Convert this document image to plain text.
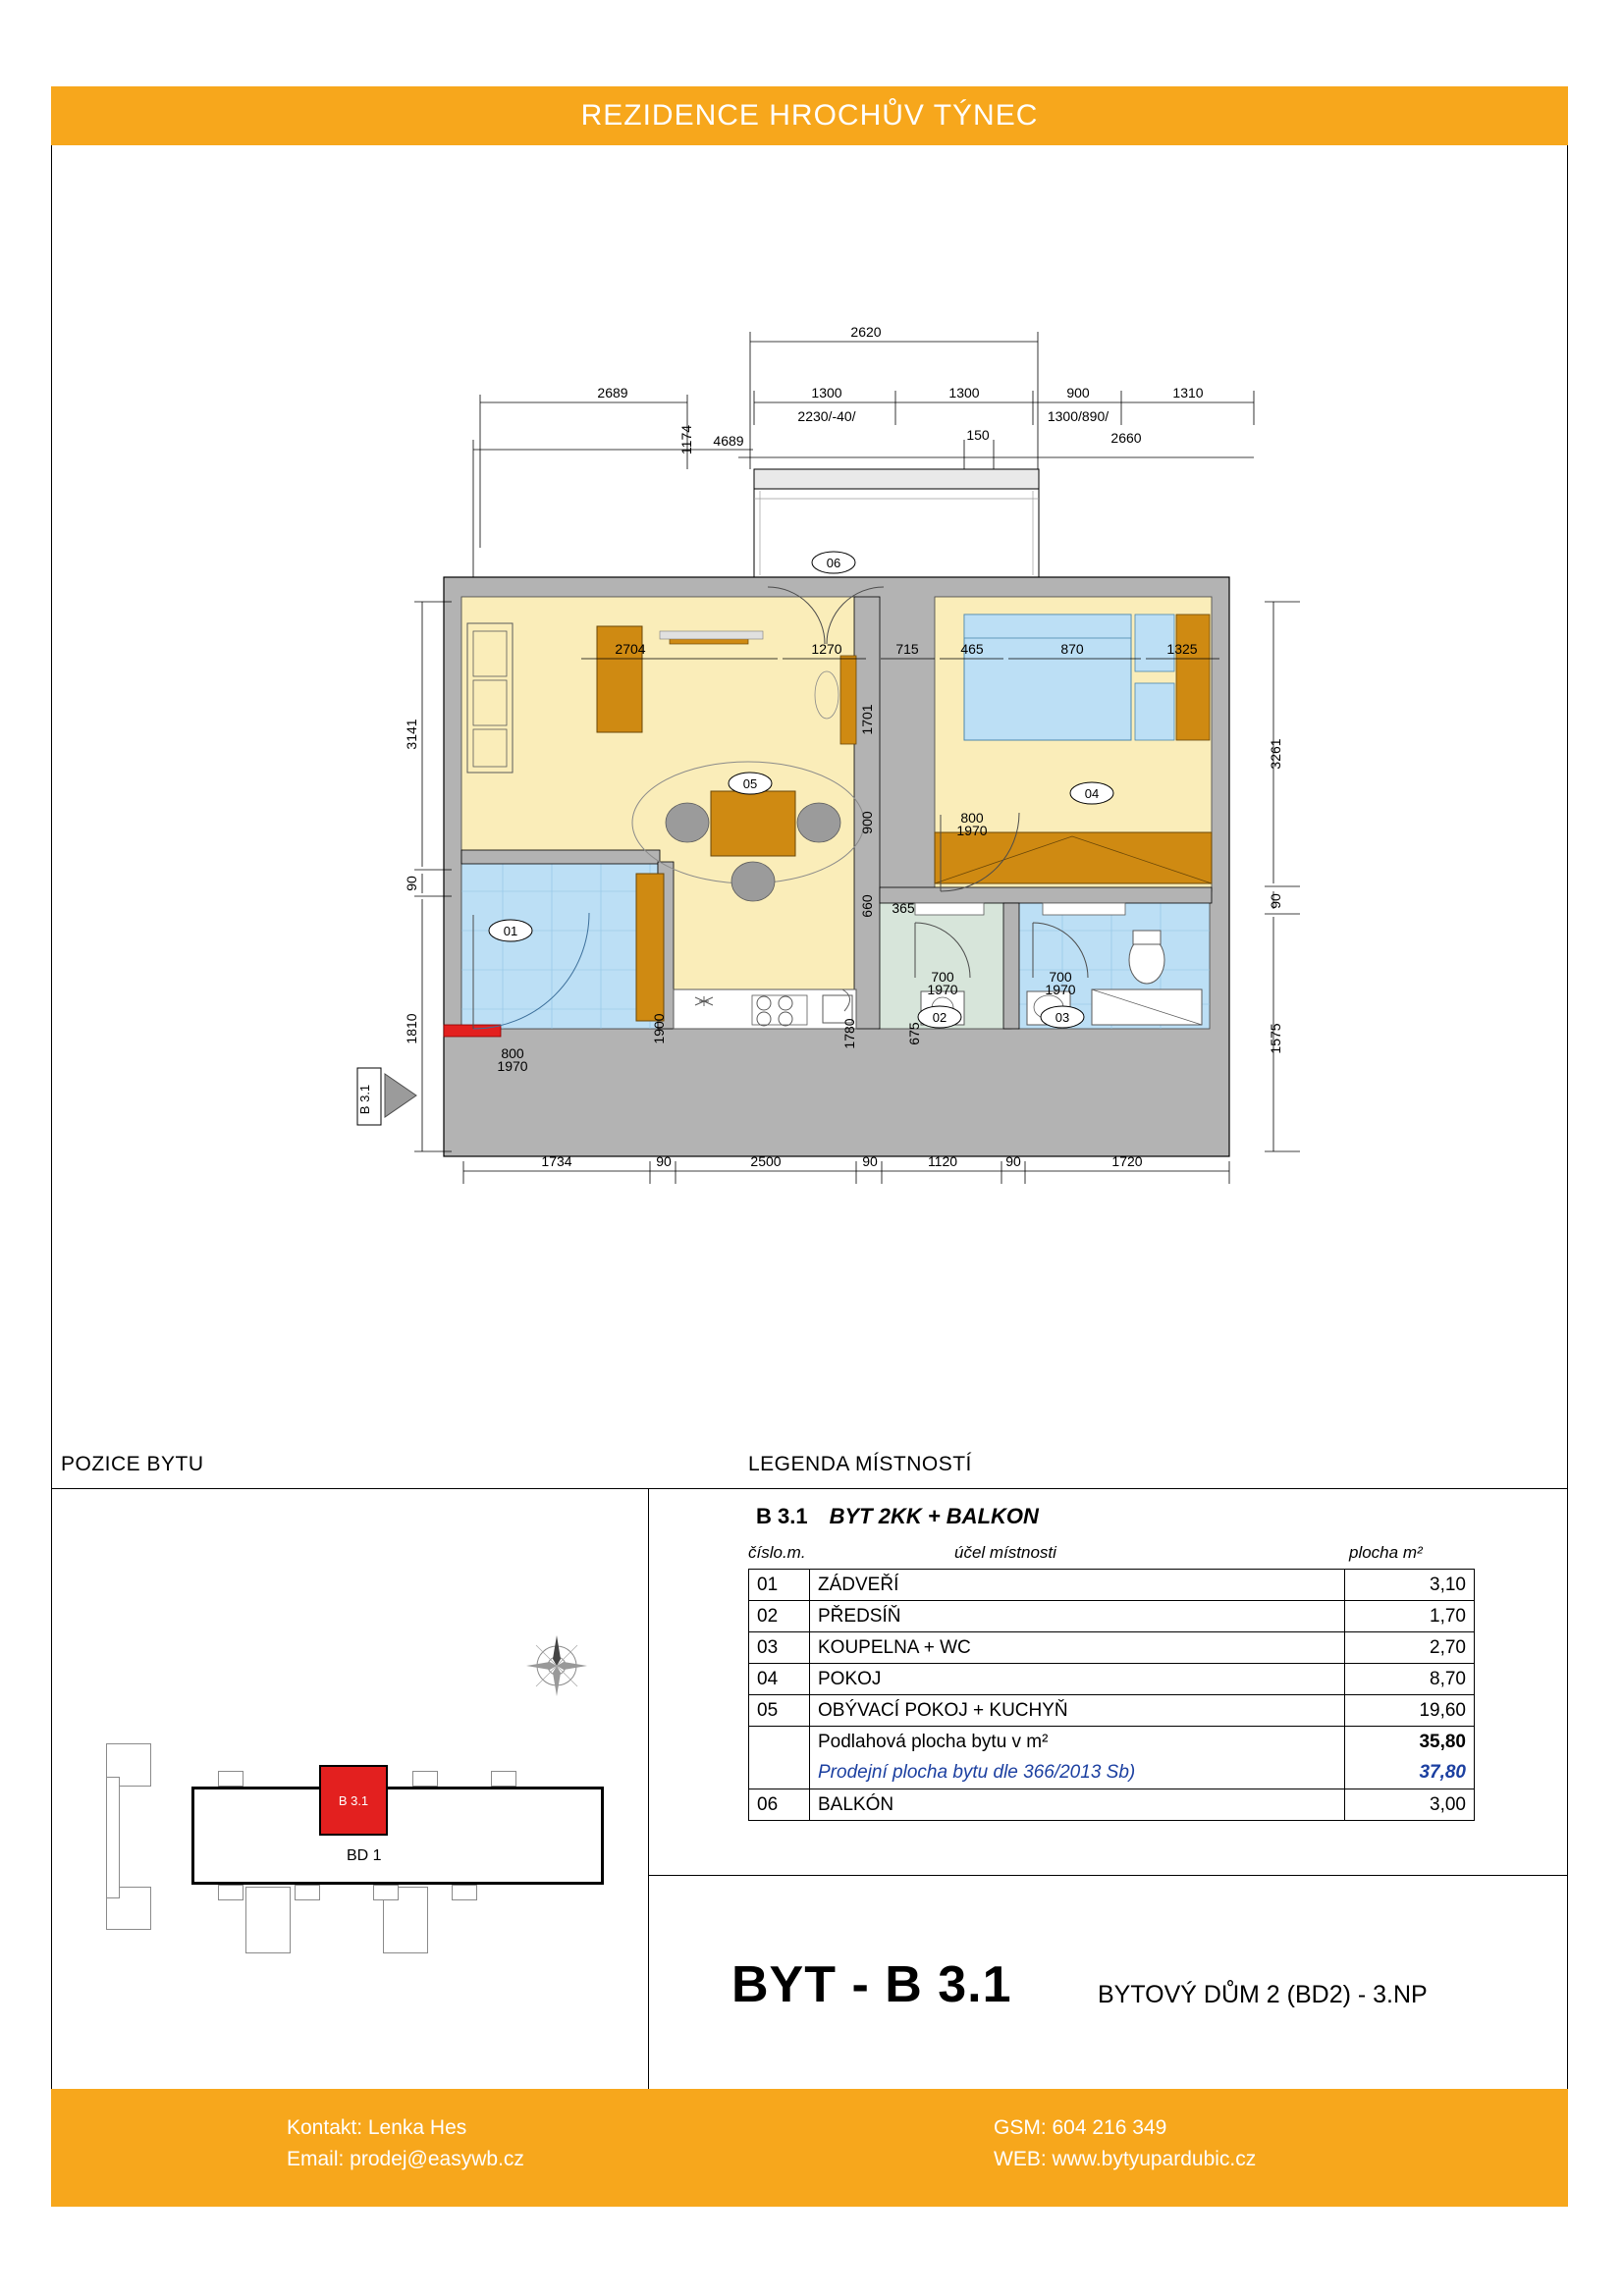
REZIDENCE HROCHŮV TÝNEC
2620
2689
1174
1300	1300	900	1310
2230/-40/
4689	150
1300/890/
2660
06
01
02	03
04
05
2704	1270	715	465	870	1325
1701
900
660 365
675
1900	1780
800
1970
800
1970
700
1970
700
1970
3141
90
1810
3261
90
1575
1734	90	2500	90	1120	90	1720
B 3.1
POZICE BYTU	LEGENDA MÍSTNOSTÍ
B 3.1
BD 1
B 3.1 BYT 2KK + BALKON
číslo.m.	účel místnosti	plocha m²
01	ZÁDVEŘÍ	3,10
02	PŘEDSÍŇ	1,70
03	KOUPELNA + WC	2,70
04	POKOJ	8,70
05	OBÝVACÍ POKOJ + KUCHYŇ	19,60
	Podlahová plocha bytu v m²	35,80
	Prodejní plocha bytu dle 366/2013 Sb)	37,80
06	BALKÓN	3,00
BYT - B 3.1	BYTOVÝ DŮM 2 (BD2) - 3.NP
Kontakt: Lenka Hes
Email: prodej@easywb.cz
GSM: 604 216 349
WEB: www.bytyupardubic.cz
